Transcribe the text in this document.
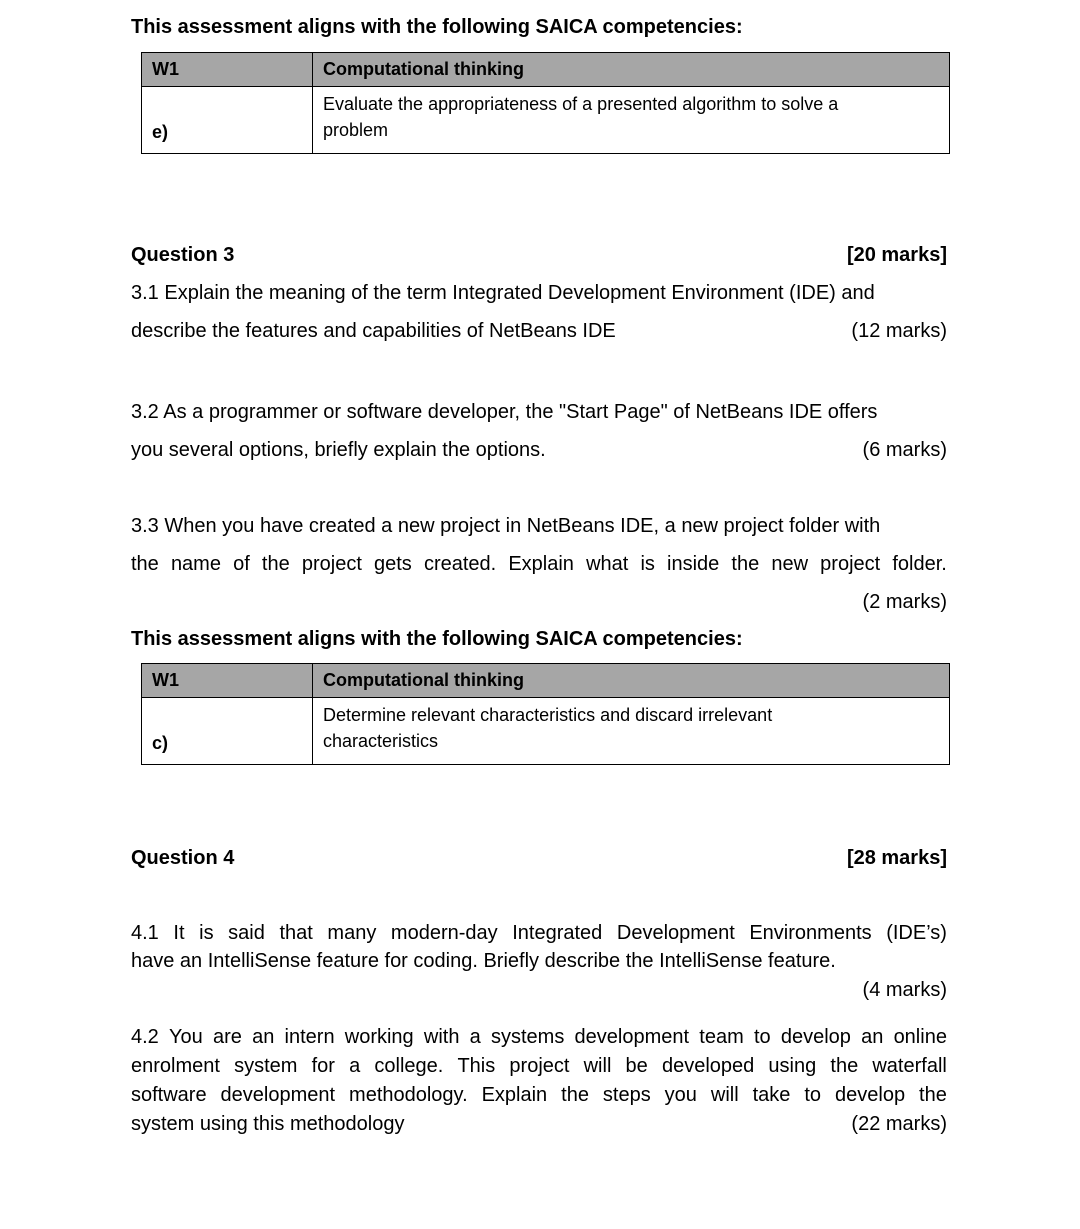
This assessment aligns with the following SAICA competencies:
W1	Computational thinking

e)	Evaluate the appropriateness of a presented algorithm to solve a
problem
Question 3	[20 marks]
3.1 Explain the meaning of the term Integrated Development Environment (IDE) and
describe the features and capabilities of NetBeans IDE	(12 marks)
3.2 As a programmer or software developer, the "Start Page" of NetBeans IDE offers
you several options, briefly explain the options.	(6 marks)
3.3 When you have created a new project in NetBeans IDE, a new project folder with
the name of the project gets created. Explain what is inside the new project folder.
(2 marks)
This assessment aligns with the following SAICA competencies:
W1	Computational thinking

c)	Determine relevant characteristics and discard irrelevant
characteristics
Question 4	[28 marks]
4.1 It is said that many modern-day Integrated Development Environments (IDE’s)
have an IntelliSense feature for coding. Briefly describe the IntelliSense feature.
(4 marks)
4.2 You are an intern working with a systems development team to develop an online
enrolment system for a college. This project will be developed using the waterfall
software development methodology. Explain the steps you will take to develop the
system using this methodology	(22 marks)
